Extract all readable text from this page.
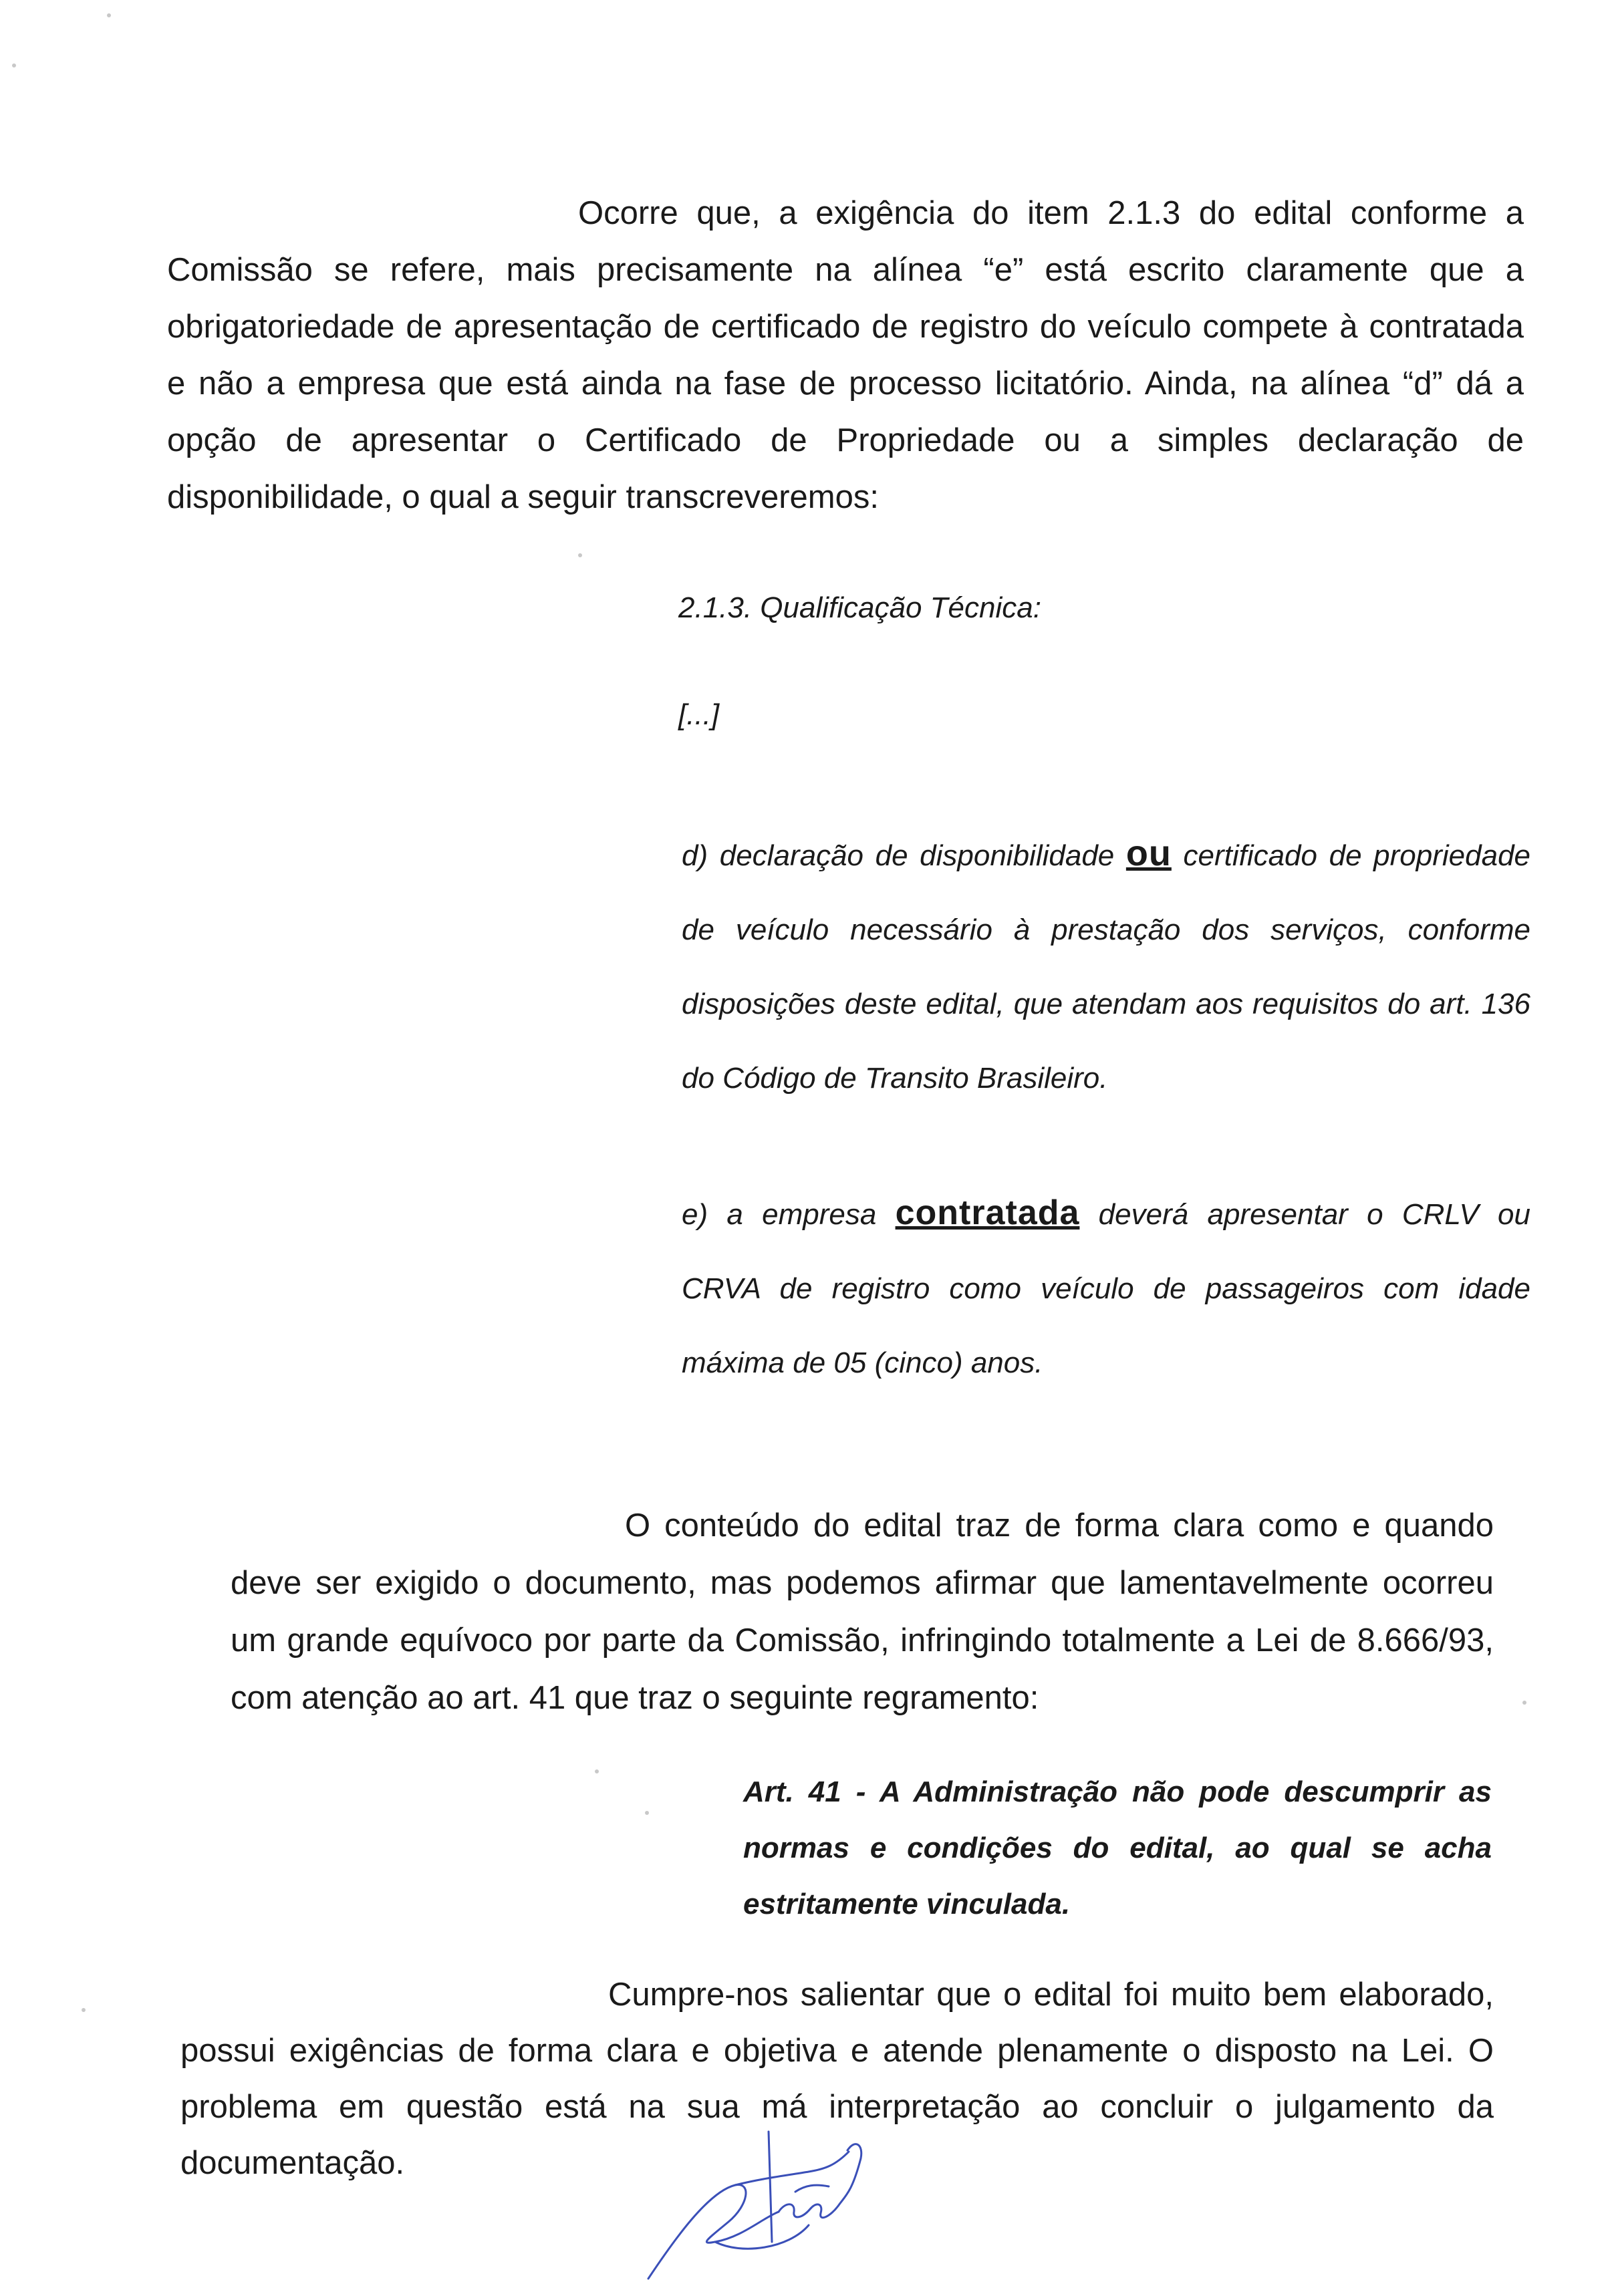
Ocorre que, a exigência do item 2.1.3 do edital conforme a Comissão se refere, mais precisamente na alínea “e” está escrito claramente que a obrigatoriedade de apresentação de certificado de registro do veículo compete à contratada e não a empresa que está ainda na fase de processo licitatório. Ainda, na alínea “d” dá a opção de apresentar o Certificado de Propriedade ou a simples declaração de disponibilidade, o qual a seguir transcreveremos:

2.1.3. Qualificação Técnica:

[...]

d) declaração de disponibilidade ou certificado de propriedade de veículo necessário à prestação dos serviços, conforme disposições deste edital, que atendam aos requisitos do art. 136 do Código de Transito Brasileiro.

e) a empresa contratada deverá apresentar o CRLV ou CRVA de registro como veículo de passageiros com idade máxima de 05 (cinco) anos.

O conteúdo do edital traz de forma clara como e quando deve ser exigido o documento, mas podemos afirmar que lamentavelmente ocorreu um grande equívoco por parte da Comissão, infringindo totalmente a Lei de 8.666/93, com atenção ao art. 41 que traz o seguinte regramento:

Art. 41 - A Administração não pode descumprir as normas e condições do edital, ao qual se acha estritamente vinculada.

Cumpre-nos salientar que o edital foi muito bem elaborado, possui exigências de forma clara e objetiva e atende plenamente o disposto na Lei. O problema em questão está na sua má interpretação ao concluir o julgamento da documentação.
